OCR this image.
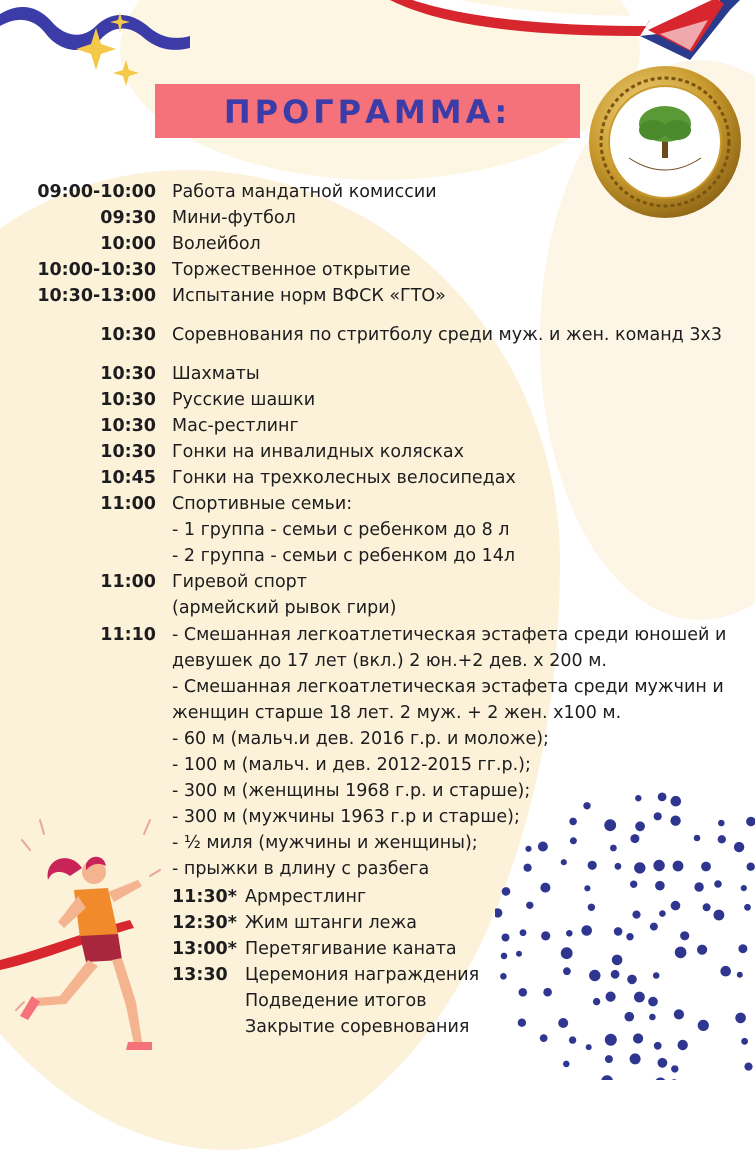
ПРОГРАММА:
09:00-10:00 Работа мандатной комиссии
09:30 Мини-футбол
10:00 Волейбол
10:00-10:30 Торжественное открытие
10:30-13:00 Испытание норм ВФСК «ГТО»
10:30 Соревнования по стритболу среди муж. и жен. команд 3х3
10:30 Шахматы
10:30 Русские шашки
10:30 Мас-рестлинг
10:30 Гонки на инвалидных колясках
10:45 Гонки на трехколесных велосипедах
11:00 Спортивные семьи:
- 1 группа - семьи с ребенком до 8 л
- 2 группа - семьи с ребенком до 14л
11:00 Гиревой спорт
(армейский рывок гири)
11:10 - Смешанная легкоатлетическая эстафета среди юношей и
девушек до 17 лет (вкл.) 2 юн.+2 дев. х 200 м.
- Смешанная легкоатлетическая эстафета среди мужчин и
женщин старше 18 лет. 2 муж. + 2 жен. х100 м.
- 60 м (мальч.и дев. 2016 г.р. и моложе);
- 100 м (мальч. и дев. 2012-2015 гг.р.);
- 300 м (женщины 1968 г.р. и старше);
- 300 м (мужчины 1963 г.р и старше);
- ½ миля (мужчины и женщины);
- прыжки в длину с разбега
11:30* Армрестлинг
12:30* Жим штанги лежа
13:00* Перетягивание каната
13:30 Церемония награждения
Подведение итогов
Закрытие соревнования
